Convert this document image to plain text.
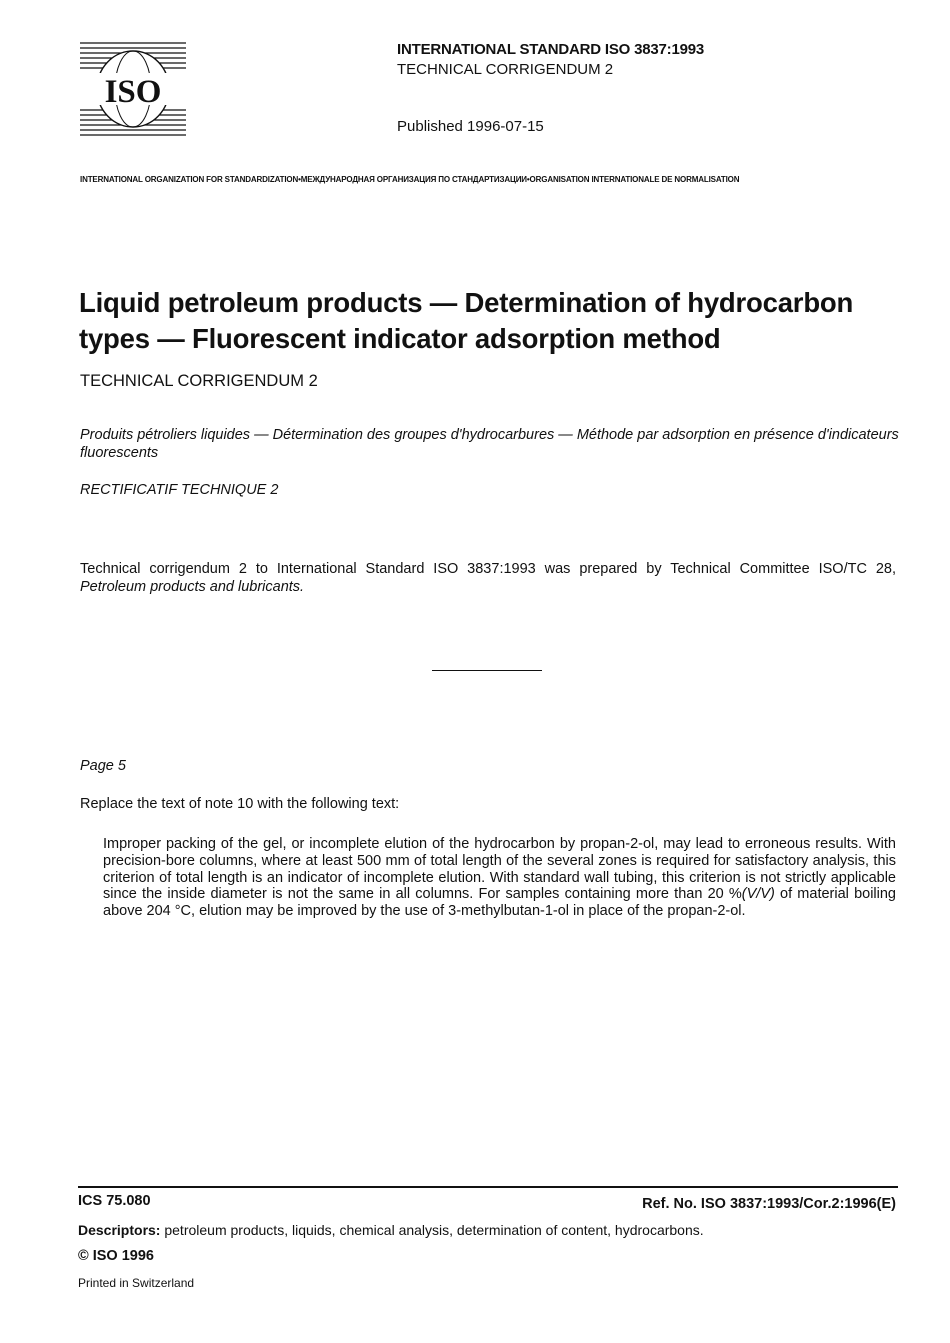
ISO
INTERNATIONAL STANDARD ISO 3837:1993
TECHNICAL CORRIGENDUM 2
Published 1996-07-15
INTERNATIONAL ORGANIZATION FOR STANDARDIZATION•МЕЖДУНАРОДНАЯ ОРГАНИЗАЦИЯ ПО СТАНДАРТИЗАЦИИ•ORGANISATION INTERNATIONALE DE NORMALISATION
Liquid petroleum products — Determination of hydrocarbon types — Fluorescent indicator adsorption method
TECHNICAL CORRIGENDUM 2
Produits pétroliers liquides — Détermination des groupes d'hydrocarbures — Méthode par adsorption en présence d'indicateurs fluorescents
RECTIFICATIF TECHNIQUE 2
Technical corrigendum 2 to International Standard ISO 3837:1993 was prepared by Technical Committee ISO/TC 28, Petroleum products and lubricants.
Page 5
Replace the text of note 10 with the following text:
Improper packing of the gel, or incomplete elution of the hydrocarbon by propan-2-ol, may lead to erroneous results. With precision-bore columns, where at least 500 mm of total length of the several zones is required for satisfactory analysis, this criterion of total length is an indicator of incomplete elution. With standard wall tubing, this criterion is not strictly applicable since the inside diameter is not the same in all columns. For samples containing more than 20 %(V/V) of material boiling above 204 °C, elution may be improved by the use of 3-methylbutan-1-ol in place of the propan-2-ol.
ICS 75.080	Ref. No. ISO 3837:1993/Cor.2:1996(E)
Descriptors: petroleum products, liquids, chemical analysis, determination of content, hydrocarbons.
© ISO 1996
Printed in Switzerland
